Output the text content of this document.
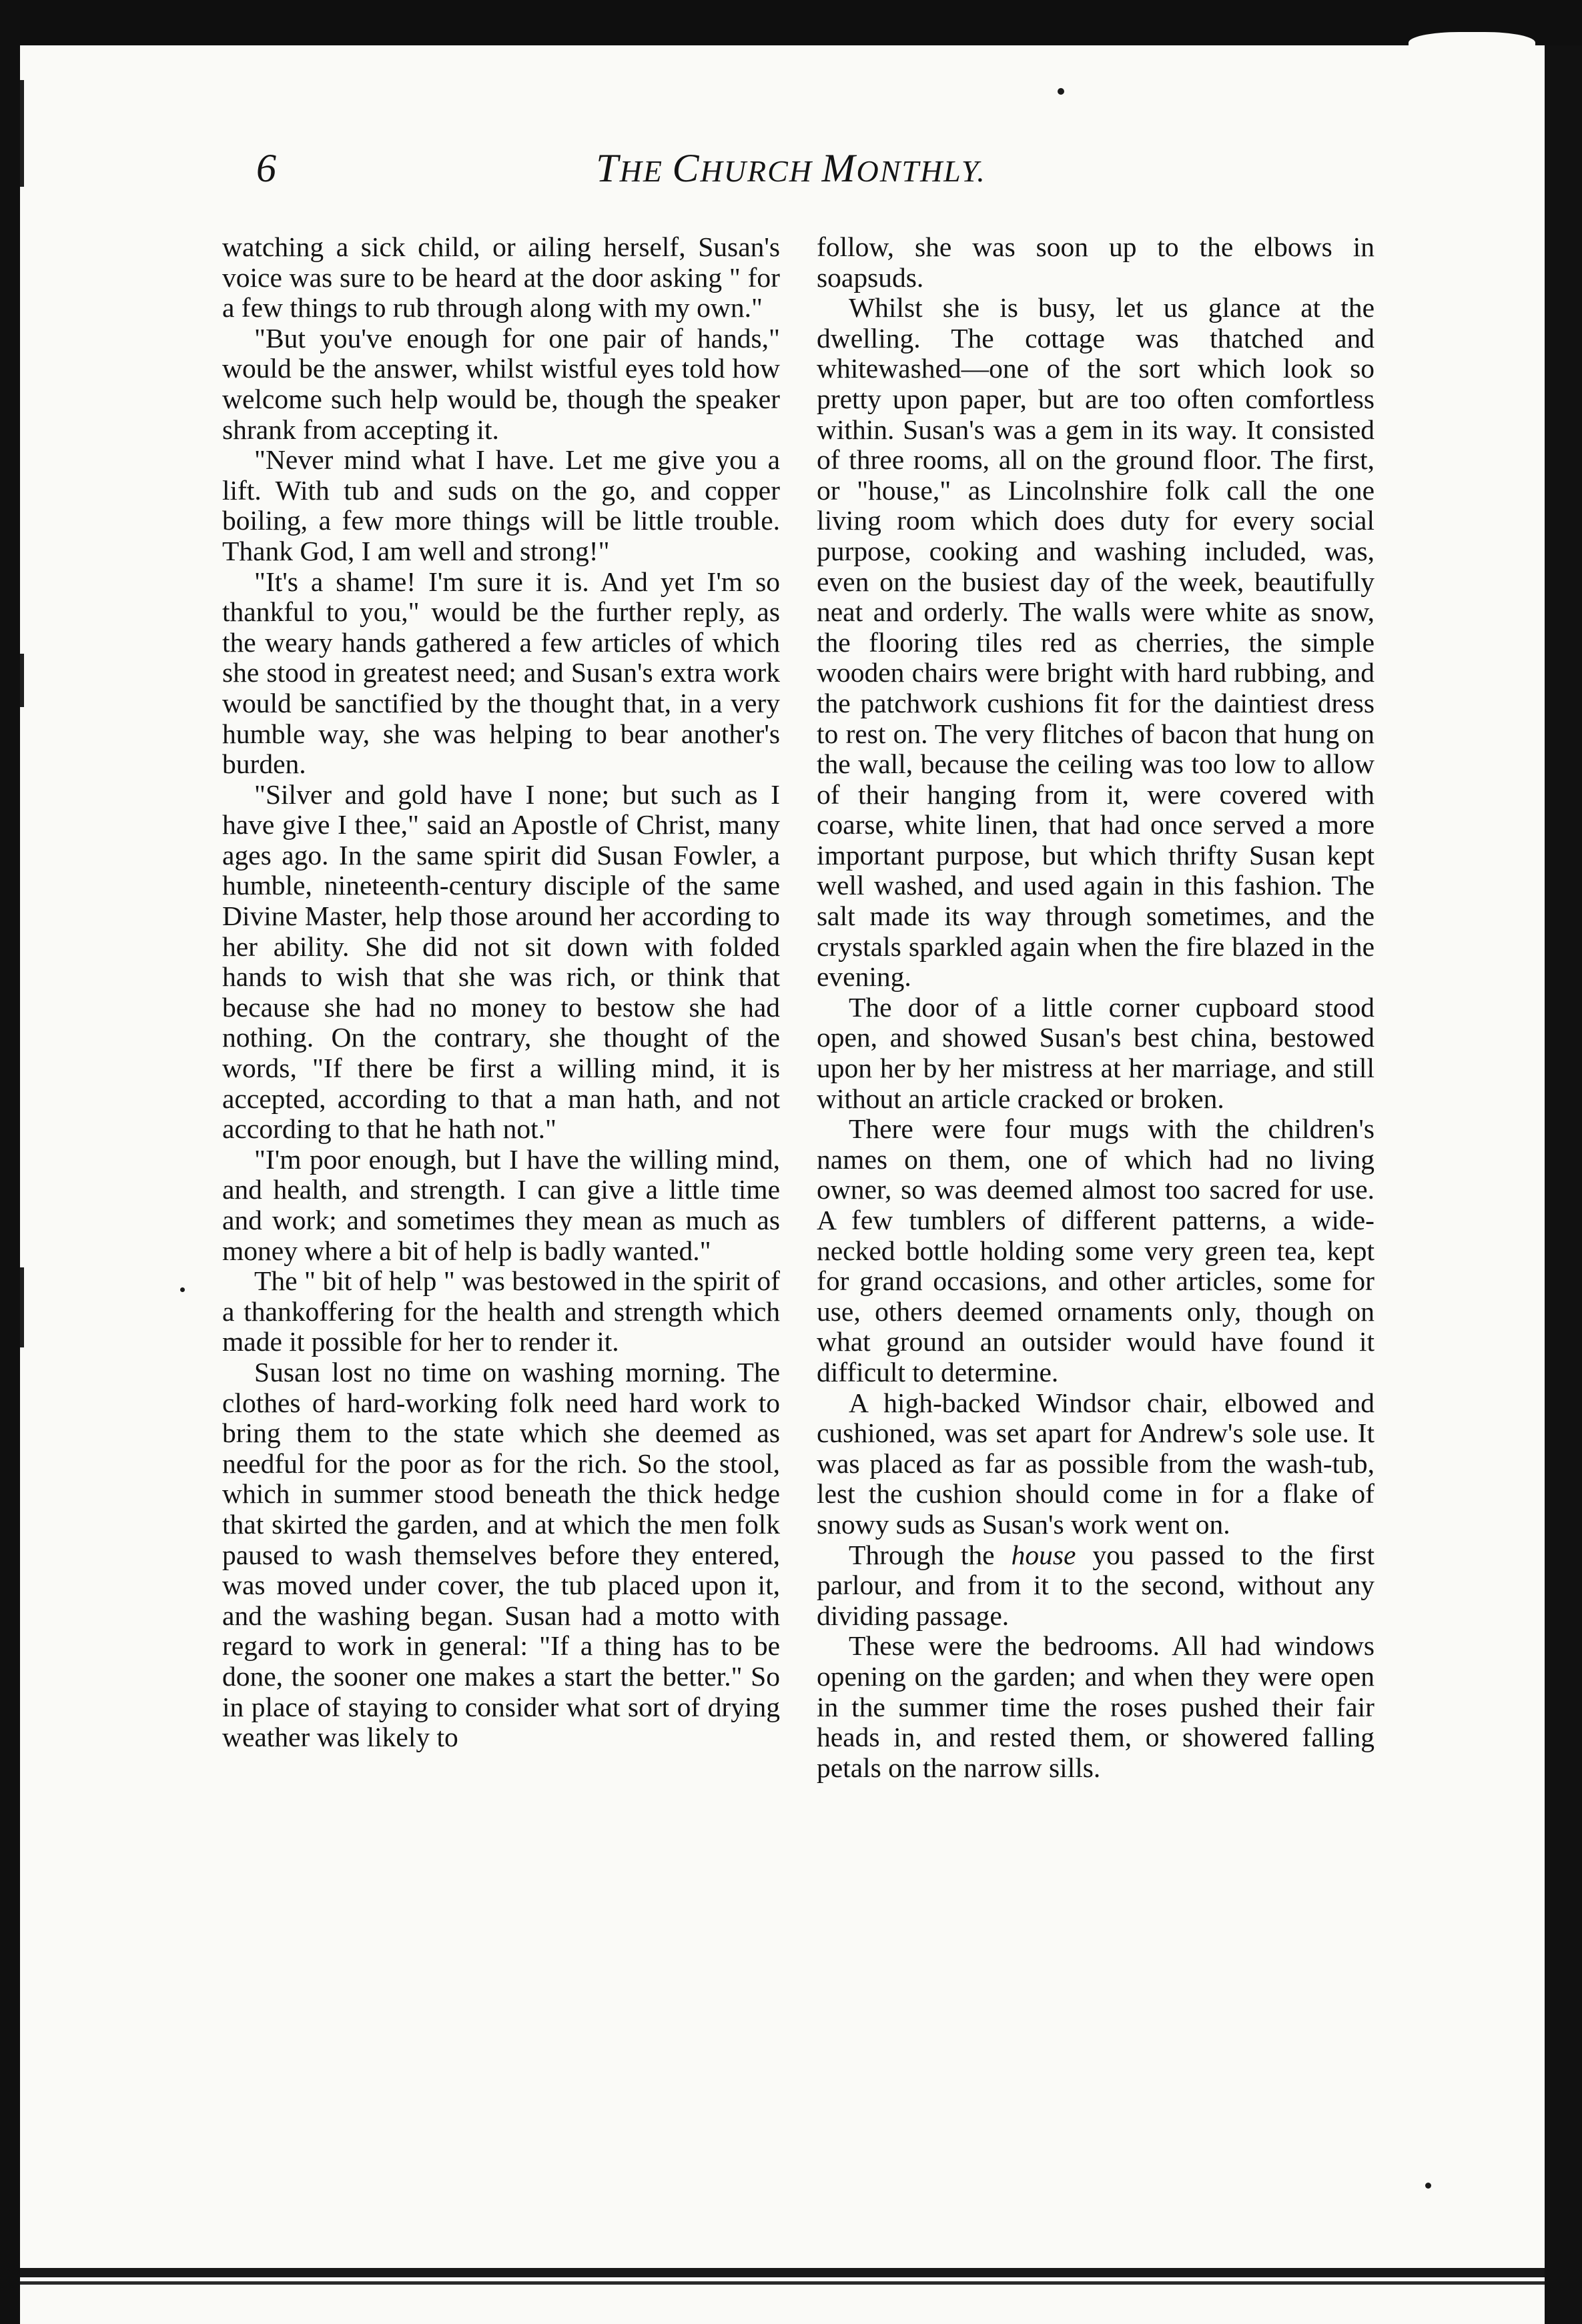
6	THE CHURCH MONTHLY.

watching a sick child, or ailing herself, Susan's voice was sure to be heard at the door asking " for a few things to rub through along with my own."

"But you've enough for one pair of hands," would be the answer, whilst wistful eyes told how welcome such help would be, though the speaker shrank from accepting it.

"Never mind what I have. Let me give you a lift. With tub and suds on the go, and copper boiling, a few more things will be little trouble. Thank God, I am well and strong!"

"It's a shame! I'm sure it is. And yet I'm so thankful to you," would be the further reply, as the weary hands gathered a few articles of which she stood in greatest need; and Susan's extra work would be sanctified by the thought that, in a very humble way, she was helping to bear another's burden.

"Silver and gold have I none; but such as I have give I thee," said an Apostle of Christ, many ages ago. In the same spirit did Susan Fowler, a humble, nineteenth-century disciple of the same Divine Master, help those around her according to her ability. She did not sit down with folded hands to wish that she was rich, or think that because she had no money to bestow she had nothing. On the contrary, she thought of the words, "If there be first a willing mind, it is accepted, according to that a man hath, and not according to that he hath not."

"I'm poor enough, but I have the willing mind, and health, and strength. I can give a little time and work; and sometimes they mean as much as money where a bit of help is badly wanted."

The " bit of help " was bestowed in the spirit of a thankoffering for the health and strength which made it possible for her to render it.

Susan lost no time on washing morning. The clothes of hard-working folk need hard work to bring them to the state which she deemed as needful for the poor as for the rich. So the stool, which in summer stood beneath the thick hedge that skirted the garden, and at which the men folk paused to wash themselves before they entered, was moved under cover, the tub placed upon it, and the washing began. Susan had a motto with regard to work in general: "If a thing has to be done, the sooner one makes a start the better." So in place of staying to consider what sort of drying weather was likely to

follow, she was soon up to the elbows in soapsuds.

Whilst she is busy, let us glance at the dwelling. The cottage was thatched and whitewashed—one of the sort which look so pretty upon paper, but are too often comfortless within. Susan's was a gem in its way. It consisted of three rooms, all on the ground floor. The first, or "house," as Lincolnshire folk call the one living room which does duty for every social purpose, cooking and washing included, was, even on the busiest day of the week, beautifully neat and orderly. The walls were white as snow, the flooring tiles red as cherries, the simple wooden chairs were bright with hard rubbing, and the patchwork cushions fit for the daintiest dress to rest on. The very flitches of bacon that hung on the wall, because the ceiling was too low to allow of their hanging from it, were covered with coarse, white linen, that had once served a more important purpose, but which thrifty Susan kept well washed, and used again in this fashion. The salt made its way through sometimes, and the crystals sparkled again when the fire blazed in the evening.

The door of a little corner cupboard stood open, and showed Susan's best china, bestowed upon her by her mistress at her marriage, and still without an article cracked or broken.

There were four mugs with the children's names on them, one of which had no living owner, so was deemed almost too sacred for use. A few tumblers of different patterns, a wide-necked bottle holding some very green tea, kept for grand occasions, and other articles, some for use, others deemed ornaments only, though on what ground an outsider would have found it difficult to determine.

A high-backed Windsor chair, elbowed and cushioned, was set apart for Andrew's sole use. It was placed as far as possible from the wash-tub, lest the cushion should come in for a flake of snowy suds as Susan's work went on.

Through the house you passed to the first parlour, and from it to the second, without any dividing passage.

These were the bedrooms. All had windows opening on the garden; and when they were open in the summer time the roses pushed their fair heads in, and rested them, or showered falling petals on the narrow sills.
